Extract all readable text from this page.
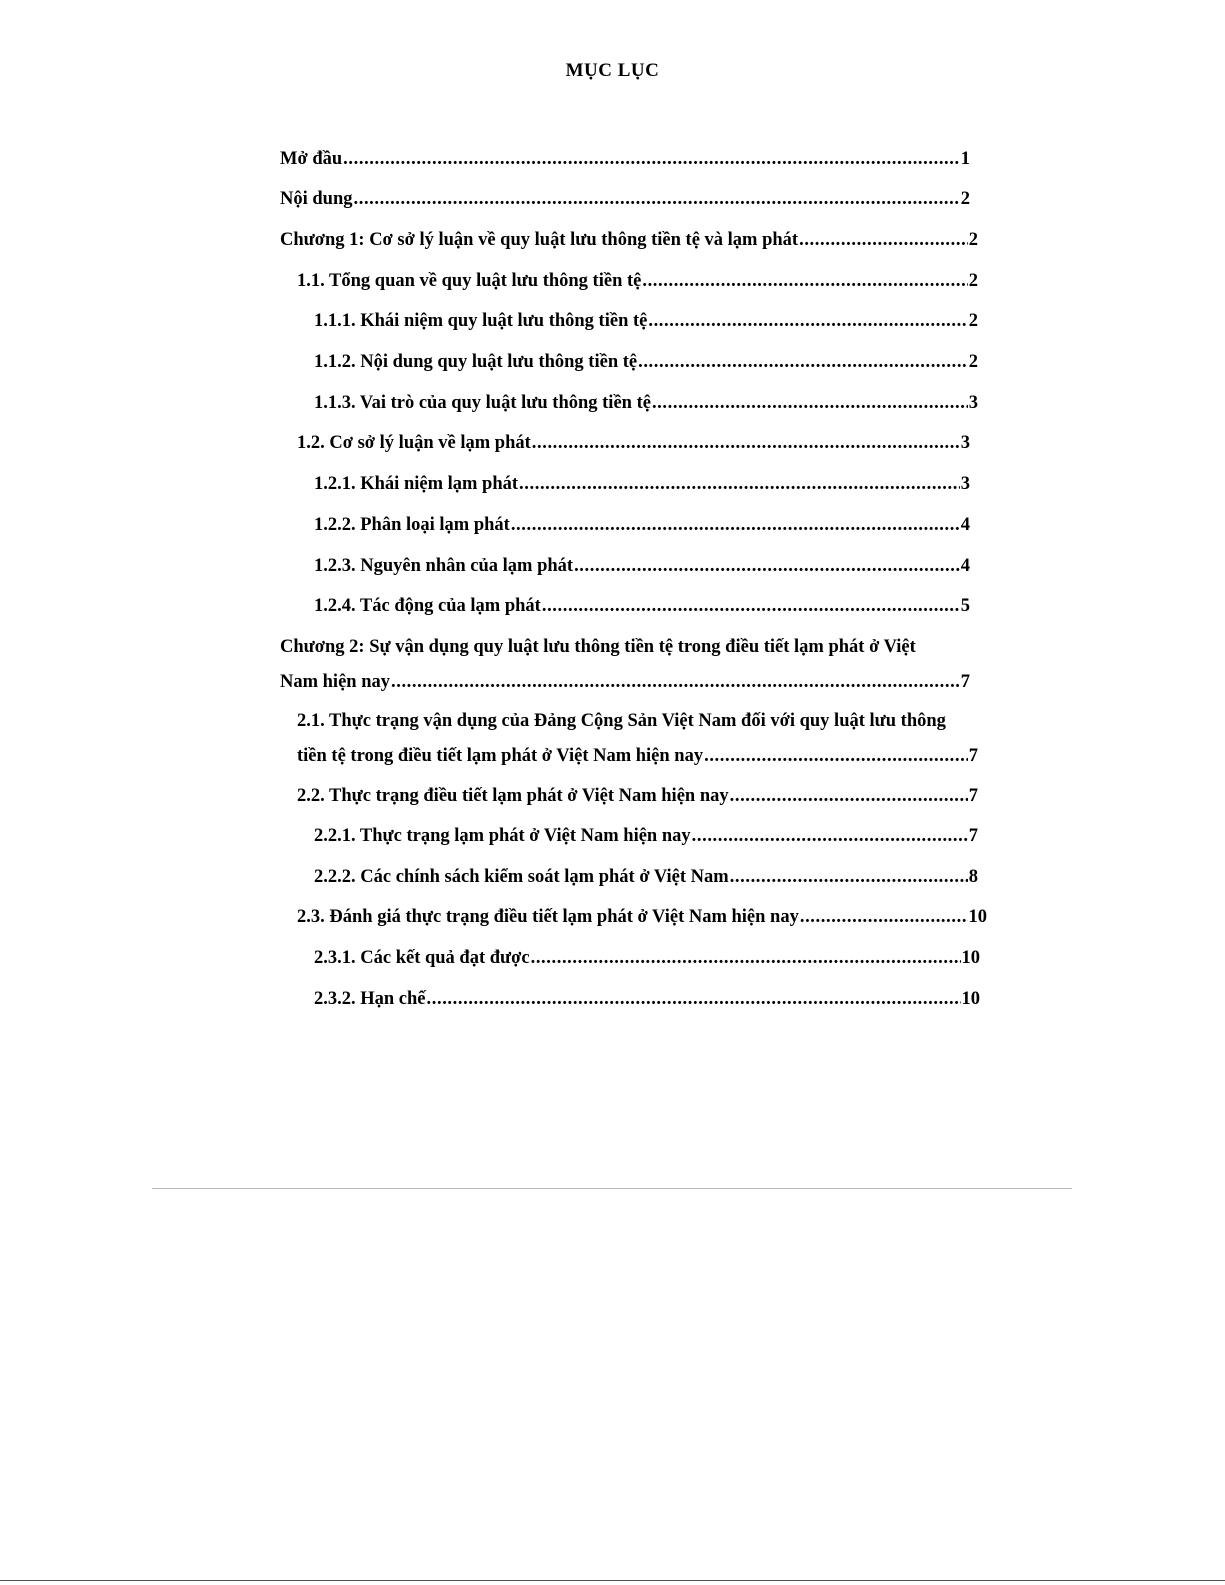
MỤC LỤC
Mở đầu .....	1
Nội dung .....	2
Chương 1: Cơ sở lý luận về quy luật lưu thông tiền tệ và lạm phát .....	2
1.1. Tổng quan về quy luật lưu thông tiền tệ .....	2
1.1.1. Khái niệm quy luật lưu thông tiền tệ .....	2
1.1.2. Nội dung quy luật lưu thông tiền tệ .....	2
1.1.3. Vai trò của quy luật lưu thông tiền tệ .....	3
1.2. Cơ sở lý luận về lạm phát .....	3
1.2.1. Khái niệm lạm phát .....	3
1.2.2. Phân loại lạm phát .....	4
1.2.3. Nguyên nhân của lạm phát .....	4
1.2.4. Tác động của lạm phát .....	5
Chương 2: Sự vận dụng quy luật lưu thông tiền tệ trong điều tiết lạm phát ở Việt
Nam hiện nay .....	7
2.1. Thực trạng vận dụng của Đảng Cộng Sản Việt Nam đối với quy luật lưu thông
tiền tệ trong điều tiết lạm phát ở Việt Nam hiện nay .....	7
2.2. Thực trạng điều tiết lạm phát ở Việt Nam hiện nay .....	7
2.2.1. Thực trạng lạm phát ở Việt Nam hiện nay .....	7
2.2.2. Các chính sách kiểm soát lạm phát ở Việt Nam .....	8
2.3. Đánh giá thực trạng điều tiết lạm phát ở Việt Nam hiện nay .....	10
2.3.1. Các kết quả đạt được .....	10
2.3.2. Hạn chế .....	10
